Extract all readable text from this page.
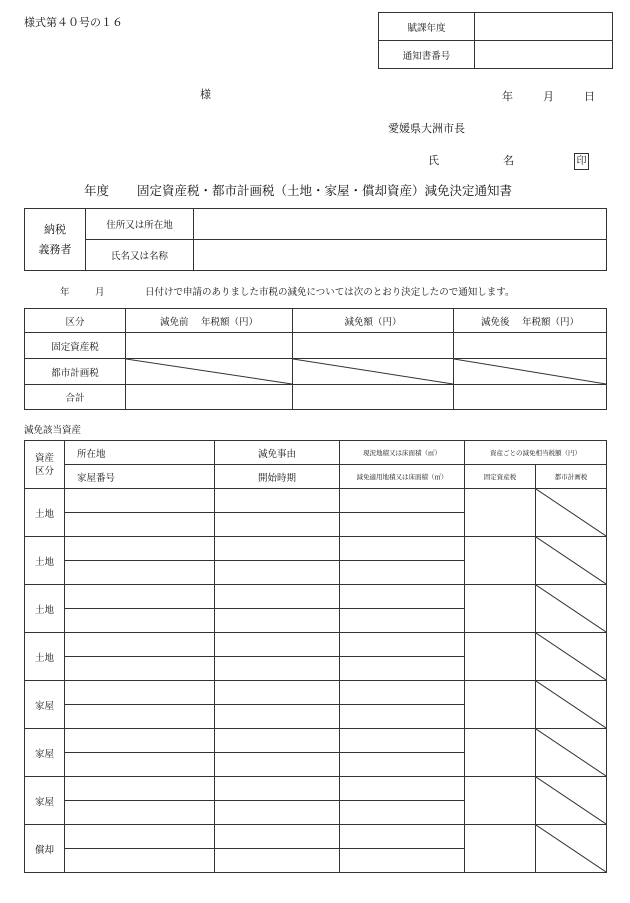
様式第４０号の１６	賦課年度	
通知書番号	
様	年	月	日
愛媛県大洲市長
氏	名	印
年度 固定資産税・都市計画税（土地・家屋・償却資産）減免決定通知書
納税
義務者	住所又は所在地	
	氏名又は名称	
年	月	日付けで申請のありました市税の減免については次のとおり決定したので通知します。
区分	減免前　 年税額（円）	減免額（円）	減免後　 年税額（円）
固定資産税			
都市計画税	

合計			
減免該当資産
資産
区分	所在地	減免事由	現況地積又は床面積（㎡）	資産ごとの減免相当税額（円）	
	家屋番号	開始時期	減免適用地積又は床面積（㎡）	固定資産税	都市計画税
土地					

土地					

土地					

土地					

家屋					

家屋					

家屋					

償却					
